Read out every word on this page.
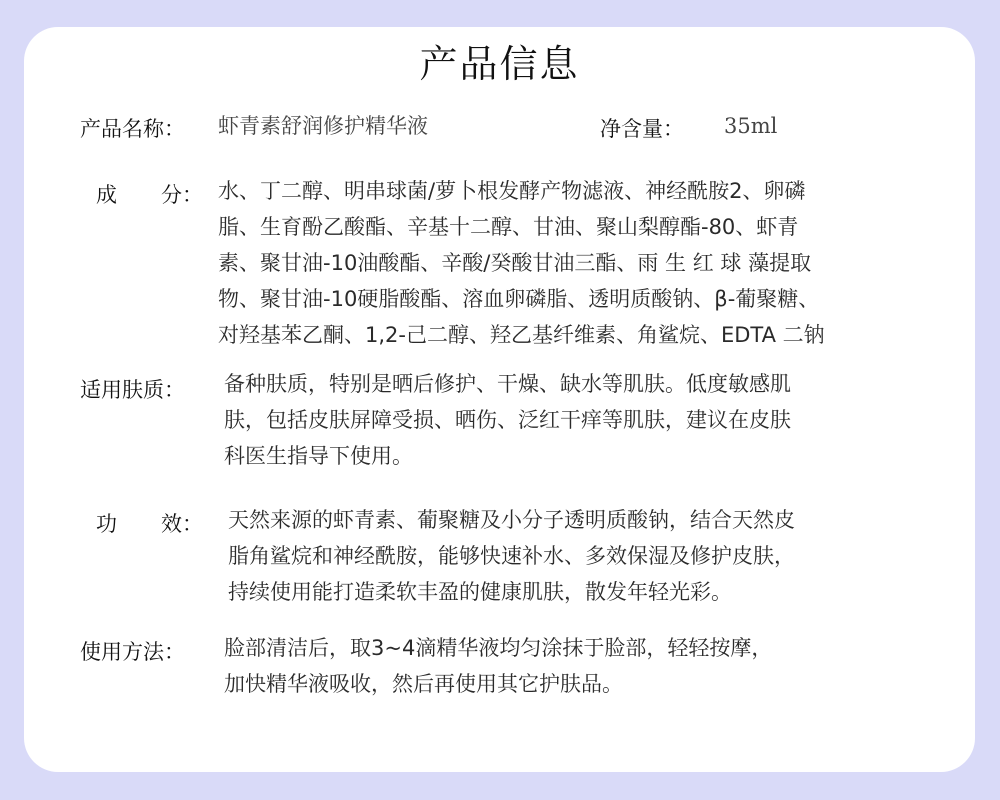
产品信息
产品名称： 虾青素舒润修护精华液	净含量： 35ml
成 分： 水、丁二醇、明串球菌/萝卜根发酵产物滤液、神经酰胺2、卵磷
脂、生育酚乙酸酯、辛基十二醇、甘油、聚山梨醇酯-80、虾青
素、聚甘油-10油酸酯、辛酸/癸酸甘油三酯、雨 生 红 球 藻提取
物、聚甘油-10硬脂酸酯、溶血卵磷脂、透明质酸钠、β-葡聚糖、
对羟基苯乙酮、1,2-己二醇、羟乙基纤维素、角鲨烷、EDTA 二钠
适用肤质： 备种肤质，特别是晒后修护、干燥、缺水等肌肤。低度敏感肌
肤，包括皮肤屏障受损、晒伤、泛红干痒等肌肤，建议在皮肤
科医生指导下使用。
功 效： 天然来源的虾青素、葡聚糖及小分子透明质酸钠，结合天然皮
脂角鲨烷和神经酰胺，能够快速补水、多效保湿及修护皮肤，
持续使用能打造柔软丰盈的健康肌肤，散发年轻光彩。
使用方法： 脸部清洁后，取3~4滴精华液均匀涂抹于脸部，轻轻按摩，
加快精华液吸收，然后再使用其它护肤品。
